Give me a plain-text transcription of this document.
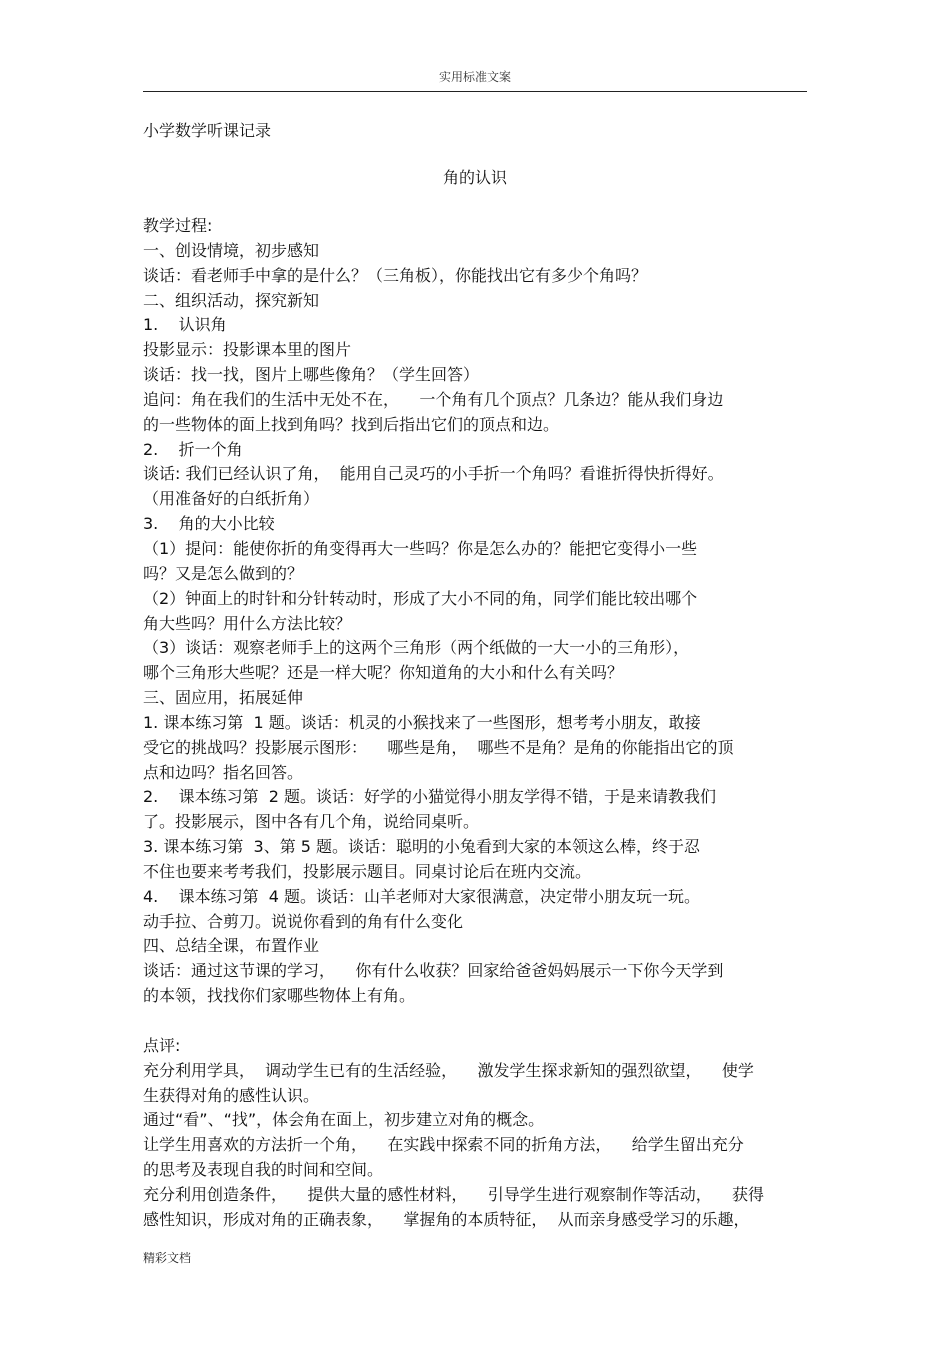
实用标准文案
小学数学听课记录
角的认识
教学过程:
一、创设情境，初步感知
谈话：看老师手中拿的是什么？（三角板），你能找出它有多少个角吗？
二、组织活动，探究新知
1.    认识角
投影显示：投影课本里的图片
谈话：找一找，图片上哪些像角？（学生回答）
追问：角在我们的生活中无处不在，    一个角有几个顶点？几条边？能从我们身边
的一些物体的面上找到角吗？找到后指出它们的顶点和边。
2.    折一个角
谈话: 我们已经认识了角，  能用自己灵巧的小手折一个角吗？看谁折得快折得好。
（用准备好的白纸折角）
3.    角的大小比较
（1）提问：能使你折的角变得再大一些吗？你是怎么办的？能把它变得小一些
吗？又是怎么做到的？
（2）钟面上的时针和分针转动时，形成了大小不同的角，同学们能比较出哪个
角大些吗？用什么方法比较？
（3）谈话：观察老师手上的这两个三角形（两个纸做的一大一小的三角形），
哪个三角形大些呢？还是一样大呢？你知道角的大小和什么有关吗？
三、固应用，拓展延伸
1. 课本练习第  1 题。谈话：机灵的小猴找来了一些图形，想考考小朋友，敢接
受它的挑战吗？投影展示图形：    哪些是角，  哪些不是角？是角的你能指出它的顶
点和边吗？指名回答。
2.    课本练习第  2 题。谈话：好学的小猫觉得小朋友学得不错，于是来请教我们
了。投影展示，图中各有几个角，说给同桌听。
3. 课本练习第  3、第 5 题。谈话：聪明的小兔看到大家的本领这么棒，终于忍
不住也要来考考我们，投影展示题目。同桌讨论后在班内交流。
4.    课本练习第  4 题。谈话：山羊老师对大家很满意，决定带小朋友玩一玩。
动手拉、合剪刀。说说你看到的角有什么变化
四、总结全课，布置作业
谈话：通过这节课的学习，    你有什么收获？回家给爸爸妈妈展示一下你今天学到
的本领，找找你们家哪些物体上有角。
点评:
充分利用学具，  调动学生已有的生活经验，    激发学生探求新知的强烈欲望，    使学
生获得对角的感性认识。
通过“看”、“找”，体会角在面上，初步建立对角的概念。
让学生用喜欢的方法折一个角，    在实践中探索不同的折角方法，    给学生留出充分
的思考及表现自我的时间和空间。
充分利用创造条件，    提供大量的感性材料，    引导学生进行观察制作等活动，    获得
感性知识，形成对角的正确表象，    掌握角的本质特征，  从而亲身感受学习的乐趣，
精彩文档
